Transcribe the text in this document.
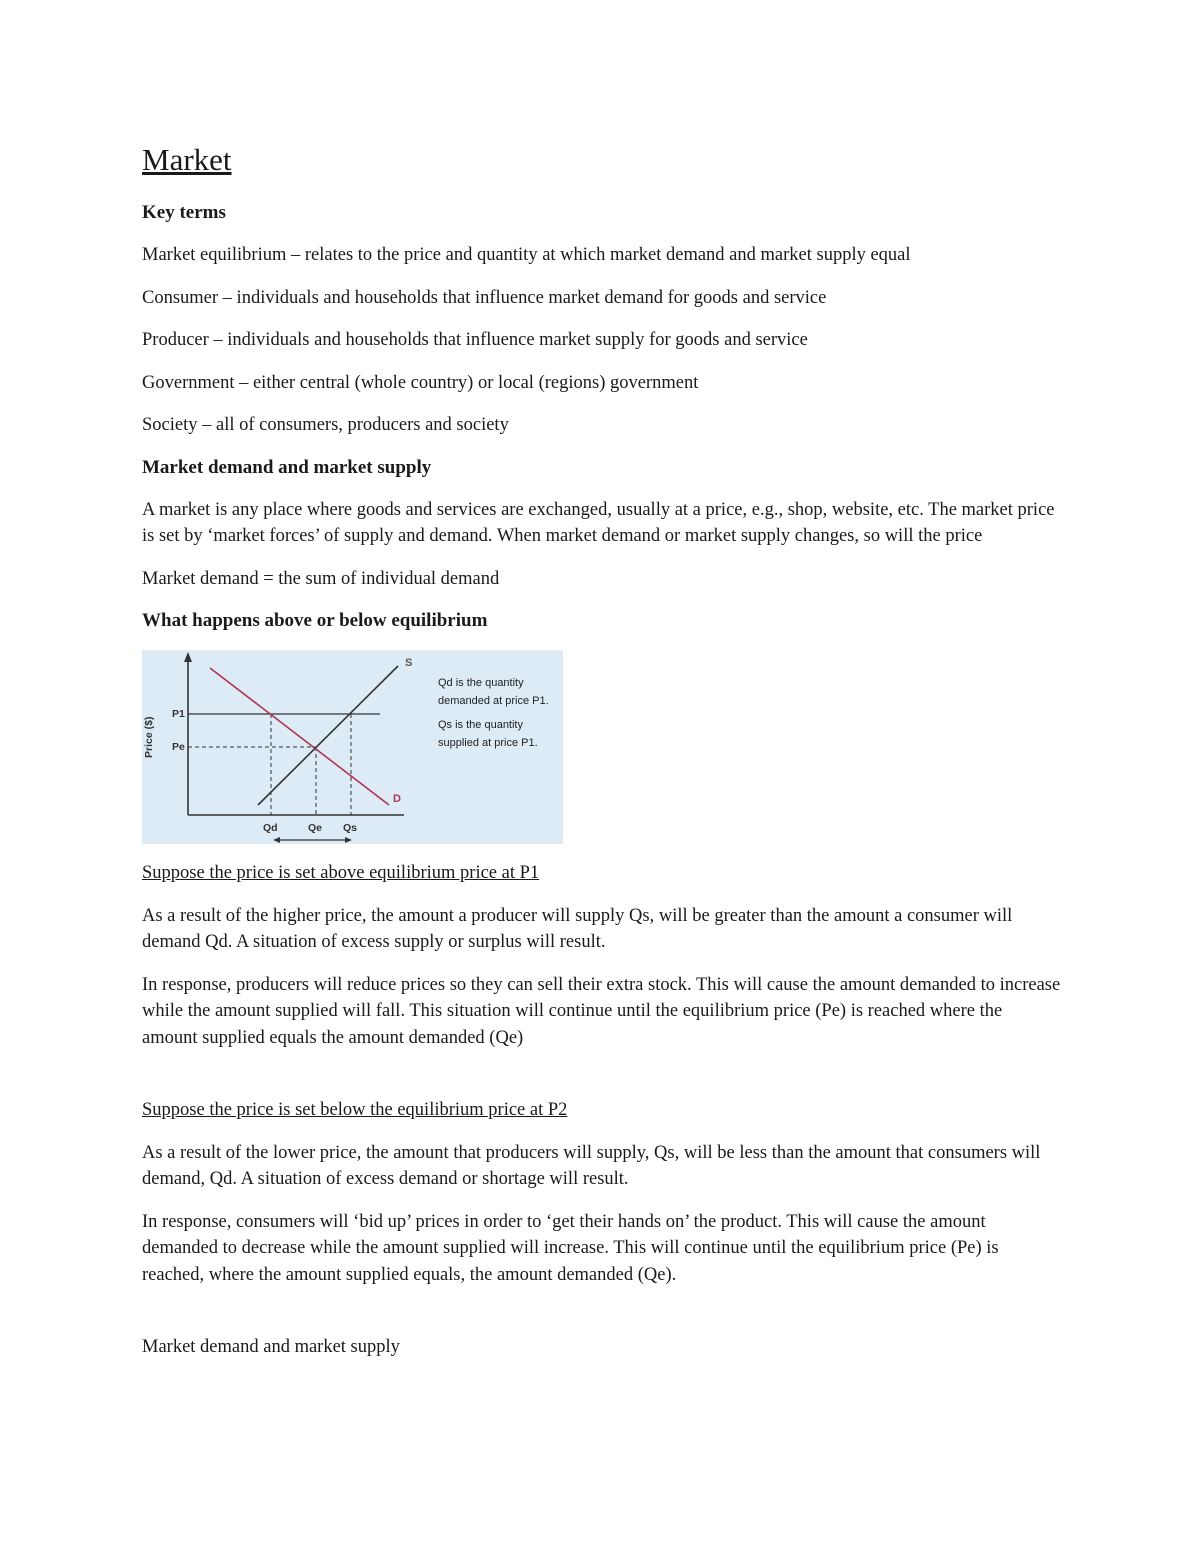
Market
Key terms
Market equilibrium – relates to the price and quantity at which market demand and market supply equal
Consumer – individuals and households that influence market demand for goods and service
Producer – individuals and households that influence market supply for goods and service
Government – either central (whole country) or local (regions) government
Society – all of consumers, producers and society
Market demand and market supply
A market is any place where goods and services are exchanged, usually at a price, e.g., shop, website, etc. The market price is set by ‘market forces’ of supply and demand. When market demand or market supply changes, so will the price
Market demand = the sum of individual demand
What happens above or below equilibrium
S
D
P1
Pe
Price ($)
Qd	Qe Qs
Qd is the quantity
demanded at price P1.
Qs is the quantity
supplied at price P1.
Suppose the price is set above equilibrium price at P1
As a result of the higher price, the amount a producer will supply Qs, will be greater than the amount a consumer will demand Qd. A situation of excess supply or surplus will result.
In response, producers will reduce prices so they can sell their extra stock. This will cause the amount demanded to increase while the amount supplied will fall. This situation will continue until the equilibrium price (Pe) is reached where the amount supplied equals the amount demanded (Qe)
Suppose the price is set below the equilibrium price at P2
As a result of the lower price, the amount that producers will supply, Qs, will be less than the amount that consumers will demand, Qd. A situation of excess demand or shortage will result.
In response, consumers will ‘bid up’ prices in order to ‘get their hands on’ the product. This will cause the amount demanded to decrease while the amount supplied will increase. This will continue until the equilibrium price (Pe) is reached, where the amount supplied equals, the amount demanded (Qe).
Market demand and market supply
